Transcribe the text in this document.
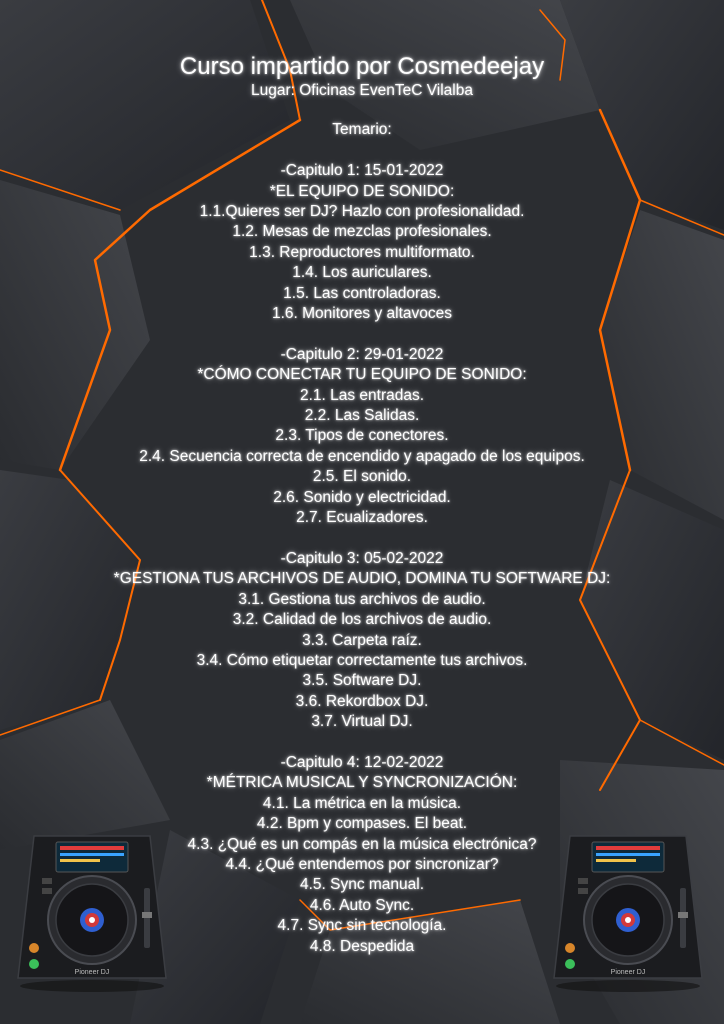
Curso impartido por Cosmedeejay

Lugar: Oficinas EvenTeC Vilalba

Temario:

-Capitulo 1: 15-01-2022

*EL EQUIPO DE SONIDO:

1.1.Quieres ser DJ? Hazlo con profesionalidad.

1.2. Mesas de mezclas profesionales.

1.3. Reproductores multiformato.

1.4. Los auriculares.

1.5. Las controladoras.

1.6. Monitores y altavoces

-Capitulo 2: 29-01-2022

*CÓMO CONECTAR TU EQUIPO DE SONIDO:

2.1. Las entradas.

2.2. Las Salidas.

2.3. Tipos de conectores.

2.4. Secuencia correcta de encendido y apagado de los equipos.

2.5. El sonido.

2.6. Sonido y electricidad.

2.7. Ecualizadores.

-Capitulo 3: 05-02-2022

*GESTIONA TUS ARCHIVOS DE AUDIO, DOMINA TU SOFTWARE DJ:

3.1. Gestiona tus archivos de audio.

3.2. Calidad de los archivos de audio.

3.3. Carpeta raíz.

3.4. Cómo etiquetar correctamente tus archivos.

3.5. Software DJ.

3.6. Rekordbox DJ.

3.7. Virtual DJ.

-Capitulo 4: 12-02-2022

*MÉTRICA MUSICAL Y SYNCRONIZACIÓN:

4.1. La métrica en la música.

4.2. Bpm y compases. El beat.

4.3. ¿Qué es un compás en la música electrónica?

4.4. ¿Qué entendemos por sincronizar?

4.5. Sync manual.

4.6. Auto Sync.

4.7. Sync sin tecnología.

4.8. Despedida

Pioneer DJ	Pioneer DJ
